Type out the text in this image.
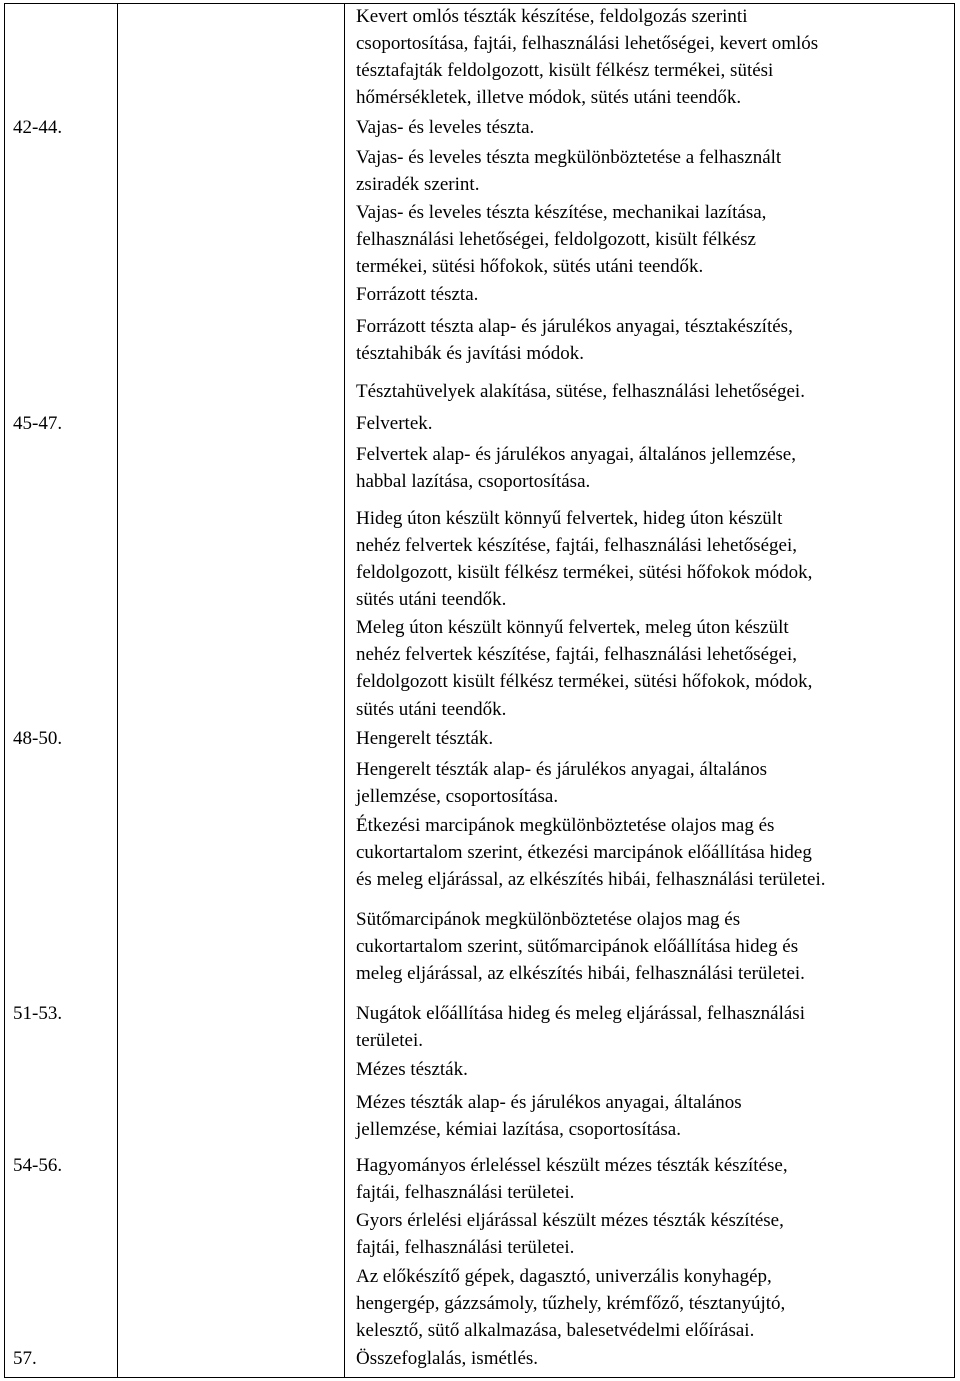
42-44.
45-47.
48-50.
51-53.
54-56.
57.
Kevert omlós tészták készítése, feldolgozás szerinti
csoportosítása, fajtái, felhasználási lehetőségei, kevert omlós
tésztafajták feldolgozott, kisült félkész termékei, sütési
hőmérsékletek, illetve módok, sütés utáni teendők.
Vajas- és leveles tészta.
Vajas- és leveles tészta megkülönböztetése a felhasznált
zsiradék szerint.
Vajas- és leveles tészta készítése, mechanikai lazítása,
felhasználási lehetőségei, feldolgozott, kisült félkész
termékei, sütési hőfokok, sütés utáni teendők.
Forrázott tészta.
Forrázott tészta alap- és járulékos anyagai, tésztakészítés,
tésztahibák és javítási módok.
Tésztahüvelyek alakítása, sütése, felhasználási lehetőségei.
Felvertek.
Felvertek alap- és járulékos anyagai, általános jellemzése,
habbal lazítása, csoportosítása.
Hideg úton készült könnyű felvertek, hideg úton készült
nehéz felvertek készítése, fajtái, felhasználási lehetőségei,
feldolgozott, kisült félkész termékei, sütési hőfokok módok,
sütés utáni teendők.
Meleg úton készült könnyű felvertek, meleg úton készült
nehéz felvertek készítése, fajtái, felhasználási lehetőségei,
feldolgozott kisült félkész termékei, sütési hőfokok, módok,
sütés utáni teendők.
Hengerelt tészták.
Hengerelt tészták alap- és járulékos anyagai, általános
jellemzése, csoportosítása.
Étkezési marcipánok megkülönböztetése olajos mag és
cukortartalom szerint, étkezési marcipánok előállítása hideg
és meleg eljárással, az elkészítés hibái, felhasználási területei.
Sütőmarcipánok megkülönböztetése olajos mag és
cukortartalom szerint, sütőmarcipánok előállítása hideg és
meleg eljárással, az elkészítés hibái, felhasználási területei.
Nugátok előállítása hideg és meleg eljárással, felhasználási
területei.
Mézes tészták.
Mézes tészták alap- és járulékos anyagai, általános
jellemzése, kémiai lazítása, csoportosítása.
Hagyományos érleléssel készült mézes tészták készítése,
fajtái, felhasználási területei.
Gyors érlelési eljárással készült mézes tészták készítése,
fajtái, felhasználási területei.
Az előkészítő gépek, dagasztó, univerzális konyhagép,
hengergép, gázzsámoly, tűzhely, krémfőző, tésztanyújtó,
kelesztő, sütő alkalmazása, balesetvédelmi előírásai.
Összefoglalás, ismétlés.
